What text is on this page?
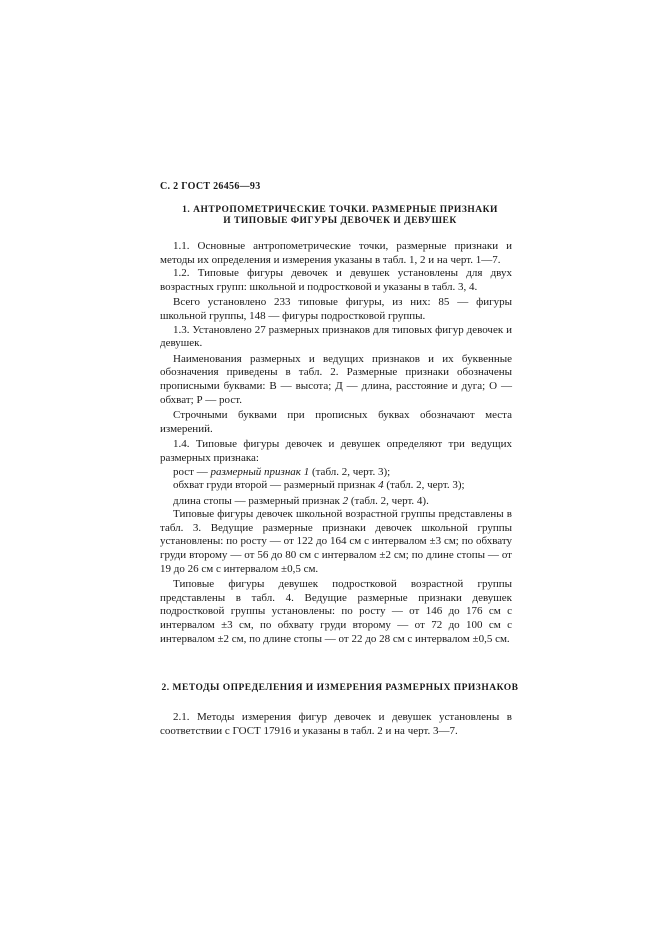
С. 2 ГОСТ 26456—93
1. АНТРОПОМЕТРИЧЕСКИЕ ТОЧКИ. РАЗМЕРНЫЕ ПРИЗНАКИ
И ТИПОВЫЕ ФИГУРЫ ДЕВОЧЕК И ДЕВУШЕК

1.1. Основные антропометрические точки, размерные признаки и методы их определения и измерения указаны в табл. 1, 2 и на черт. 1—7.

1.2. Типовые фигуры девочек и девушек установлены для двух возрастных групп: школьной и подростковой и указаны в табл. 3, 4.

Всего установлено 233 типовые фигуры, из них: 85 — фигуры школьной группы, 148 — фигуры подростковой группы.

1.3. Установлено 27 размерных признаков для типовых фигур девочек и девушек.

Наименования размерных и ведущих признаков и их буквенные обозначения приведены в табл. 2. Размерные признаки обозначены прописными буквами: В — высота; Д — длина, расстояние и дуга; О — обхват; Р — рост.

Строчными буквами при прописных буквах обозначают места измерений.

1.4. Типовые фигуры девочек и девушек определяют три ведущих размерных признака:

рост — размерный признак 1 (табл. 2, черт. 3);

обхват груди второй — размерный признак 4 (табл. 2, черт. 3);

длина стопы — размерный признак 2 (табл. 2, черт. 4).

Типовые фигуры девочек школьной возрастной группы представлены в табл. 3. Ведущие размерные признаки девочек школьной группы установлены: по росту — от 122 до 164 см с интервалом ±3 см; по обхвату груди второму — от 56 до 80 см с интервалом ±2 см; по длине стопы — от 19 до 26 см с интервалом ±0,5 см.

Типовые фигуры девушек подростковой возрастной группы представлены в табл. 4. Ведущие размерные признаки девушек подростковой группы установлены: по росту — от 146 до 176 см с интервалом ±3 см, по обхвату груди второму — от 72 до 100 см с интервалом ±2 см, по длине стопы — от 22 до 28 см с интервалом ±0,5 см.

2. МЕТОДЫ ОПРЕДЕЛЕНИЯ И ИЗМЕРЕНИЯ РАЗМЕРНЫХ ПРИЗНАКОВ

2.1. Методы измерения фигур девочек и девушек установлены в соответствии с ГОСТ 17916 и указаны в табл. 2 и на черт. 3—7.
